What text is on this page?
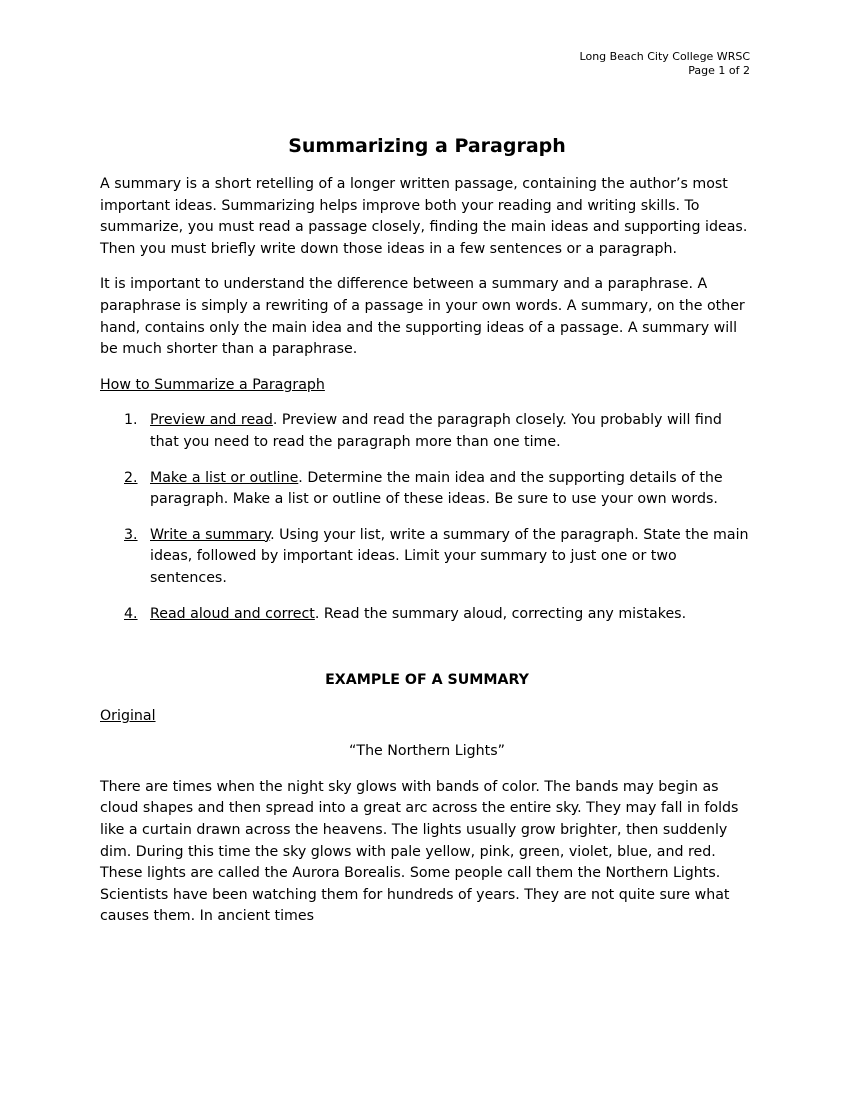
Long Beach City College WRSC
Page 1 of 2
Summarizing a Paragraph

A summary is a short retelling of a longer written passage, containing the author’s most important ideas. Summarizing helps improve both your reading and writing skills. To summarize, you must read a passage closely, finding the main ideas and supporting ideas. Then you must briefly write down those ideas in a few sentences or a paragraph.

It is important to understand the difference between a summary and a paraphrase. A paraphrase is simply a rewriting of a passage in your own words. A summary, on the other hand, contains only the main idea and the supporting ideas of a passage. A summary will be much shorter than a paraphrase.

How to Summarize a Paragraph
1. Preview and read. Preview and read the paragraph closely. You probably will find that you need to read the paragraph more than one time.
2. Make a list or outline. Determine the main idea and the supporting details of the paragraph. Make a list or outline of these ideas. Be sure to use your own words.
3. Write a summary. Using your list, write a summary of the paragraph. State the main ideas, followed by important ideas. Limit your summary to just one or two sentences.
4. Read aloud and correct. Read the summary aloud, correcting any mistakes.
EXAMPLE OF A SUMMARY
Original
“The Northern Lights”

There are times when the night sky glows with bands of color. The bands may begin as cloud shapes and then spread into a great arc across the entire sky. They may fall in folds like a curtain drawn across the heavens. The lights usually grow brighter, then suddenly dim. During this time the sky glows with pale yellow, pink, green, violet, blue, and red. These lights are called the Aurora Borealis. Some people call them the Northern Lights. Scientists have been watching them for hundreds of years. They are not quite sure what causes them. In ancient times
